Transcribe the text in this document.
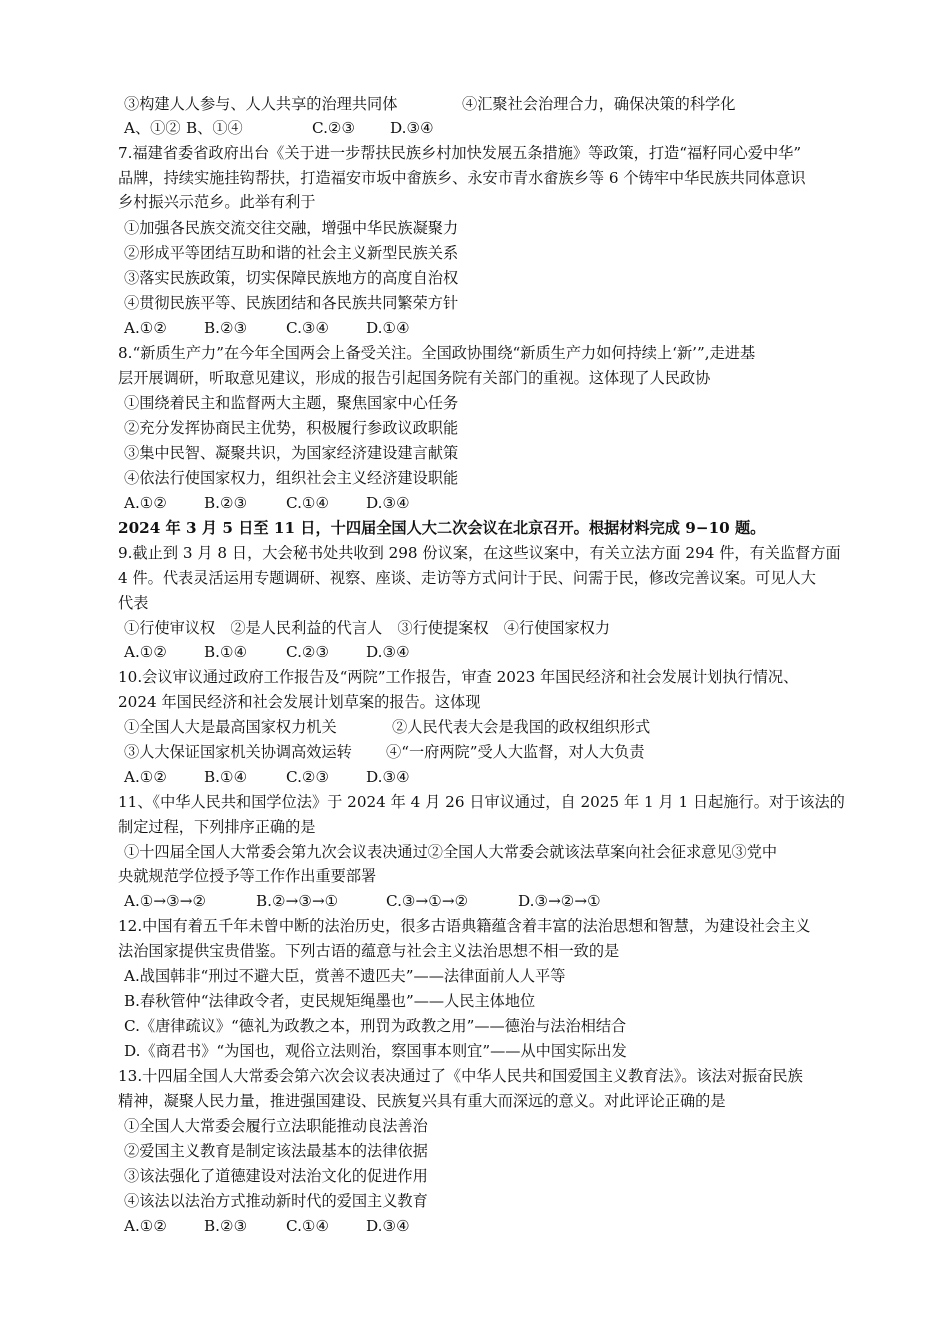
③构建人人参与、人人共享的治理共同体	④汇聚社会治理合力，确保决策的科学化
A、①② B、①④	C.②③ D.③④
7.福建省委省政府出台《关于进一步帮扶民族乡村加快发展五条措施》等政策，打造“福籽同心爱中华”
品牌，持续实施挂钩帮扶，打造福安市坂中畲族乡、永安市青水畲族乡等 6 个铸牢中华民族共同体意识
乡村振兴示范乡。此举有利于
①加强各民族交流交往交融，增强中华民族凝聚力
②形成平等团结互助和谐的社会主义新型民族关系
③落实民族政策，切实保障民族地方的高度自治权
④贯彻民族平等、民族团结和各民族共同繁荣方针
A.①② B.②③	C.③④ D.①④
8.“新质生产力”在今年全国两会上备受关注。全国政协围绕“新质生产力如何持续上‘新’”,走进基
层开展调研，听取意见建议，形成的报告引起国务院有关部门的重视。这体现了人民政协
①围绕着民主和监督两大主题，聚焦国家中心任务
②充分发挥协商民主优势，积极履行参政议政职能
③集中民智、凝聚共识，为国家经济建设建言献策
④依法行使国家权力，组织社会主义经济建设职能
A.①② B.②③	C.①④ D.③④
2024 年 3 月 5 日至 11 日，十四届全国人大二次会议在北京召开。根据材料完成 9−10 题。
9.截止到 3 月 8 日，大会秘书处共收到 298 份议案，在这些议案中，有关立法方面 294 件，有关监督方面
4 件。代表灵活运用专题调研、视察、座谈、走访等方式问计于民、问需于民，修改完善议案。可见人大
代表
①行使审议权　②是人民利益的代言人　③行使提案权　④行使国家权力
A.①② B.①④	C.②③ D.③④
10.会议审议通过政府工作报告及“两院”工作报告，审查 2023 年国民经济和社会发展计划执行情况、
2024 年国民经济和社会发展计划草案的报告。这体现
①全国人大是最高国家权力机关	②人民代表大会是我国的政权组织形式
③人大保证国家机关协调高效运转 ④“一府两院”受人大监督，对人大负责
A.①② B.①④	C.②③ D.③④
11、《中华人民共和国学位法》于 2024 年 4 月 26 日审议通过，自 2025 年 1 月 1 日起施行。对于该法的
制定过程，下列排序正确的是
①十四届全国人大常委会第九次会议表决通过②全国人大常委会就该法草案向社会征求意见③党中
央就规范学位授予等工作作出重要部署
A.①→③→②	B.②→③→①	C.③→①→②	D.③→②→①
12.中国有着五千年未曾中断的法治历史，很多古语典籍蕴含着丰富的法治思想和智慧，为建设社会主义
法治国家提供宝贵借鉴。下列古语的蕴意与社会主义法治思想不相一致的是
A.战国韩非“刑过不避大臣，赏善不遗匹夫”——法律面前人人平等
B.春秋管仲“法律政令者，吏民规矩绳墨也”——人民主体地位
C.《唐律疏议》“德礼为政教之本，刑罚为政教之用”——德治与法治相结合
D.《商君书》“为国也，观俗立法则治，察国事本则宜”——从中国实际出发
13.十四届全国人大常委会第六次会议表决通过了《中华人民共和国爱国主义教育法》。该法对振奋民族
精神，凝聚人民力量，推进强国建设、民族复兴具有重大而深远的意义。对此评论正确的是
①全国人大常委会履行立法职能推动良法善治
②爱国主义教育是制定该法最基本的法律依据
③该法强化了道德建设对法治文化的促进作用
④该法以法治方式推动新时代的爱国主义教育
A.①② B.②③	C.①④ D.③④
